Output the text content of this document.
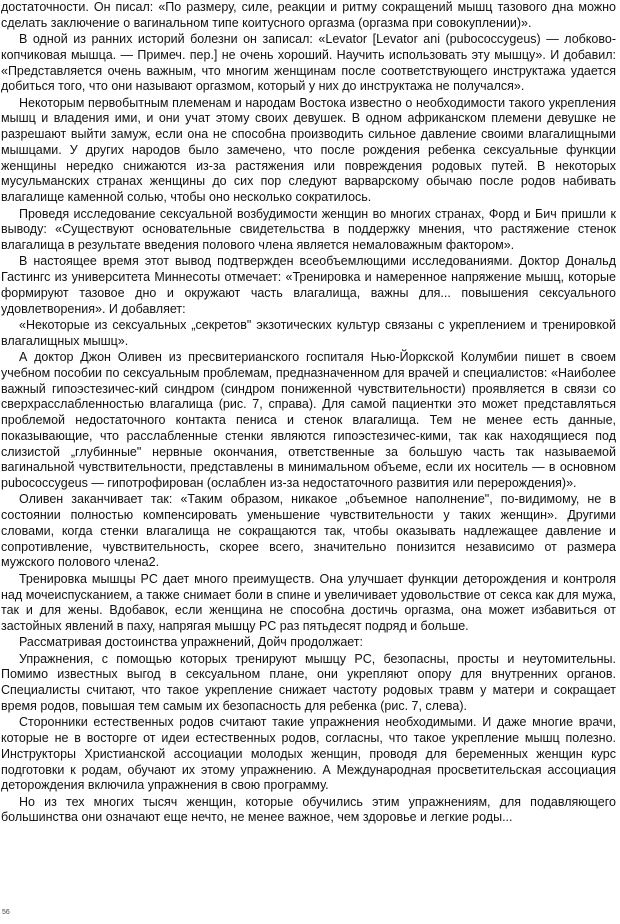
достаточности. Он писал: «По размеру, силе, реакции и ритму сокращений мышц тазового дна можно сделать заключение о вагинальном типе коитусного оргазма (оргазма при совокуплении)».

В одной из ранних историй болезни он записал: «Levator [Levator ani (pubococcygeus) — лобково-копчиковая мышца. — Примеч. пер.] не очень хороший. Научить использовать эту мышцу». И добавил: «Представляется очень важным, что многим женщинам после соответствующего инструктажа удается добиться того, что они называют оргазмом, который у них до инструктажа не получался».

Некоторым первобытным племенам и народам Востока известно о необходимости такого укрепления мышц и владения ими, и они учат этому своих девушек. В одном африканском племени девушке не разрешают выйти замуж, если она не способна производить сильное давление своими влагалищными мышцами. У других народов было замечено, что после рождения ребенка сексуальные функции женщины нередко снижаются из-за растяжения или повреждения родовых путей. В некоторых мусульманских странах женщины до сих пор следуют варварскому обычаю после родов набивать влагалище каменной солью, чтобы оно несколько сократилось.

Проведя исследование сексуальной возбудимости женщин во многих странах, Форд и Бич пришли к выводу: «Существуют основательные свидетельства в поддержку мнения, что растяжение стенок влагалища в результате введения полового члена является немаловажным фактором».

В настоящее время этот вывод подтвержден всеобъемлющими исследованиями. Доктор Дональд Гастингс из университета Миннесоты отмечает: «Тренировка и намеренное напряжение мышц, которые формируют тазовое дно и окружают часть влагалища, важны для... повышения сексуального удовлетворения». И добавляет:

«Некоторые из сексуальных „секретов" экзотических культур связаны с укреплением и тренировкой влагалищных мышц».

А доктор Джон Оливен из пресвитерианского госпиталя Нью-Йоркской Колумбии пишет в своем учебном пособии по сексуальным проблемам, предназначенном для врачей и специалистов: «Наиболее важный гипоэстезичес-кий синдром (синдром пониженной чувствительности) проявляется в связи со сверхрасслабленностью влагалища (рис. 7, справа). Для самой пациентки это может представляться проблемой недостаточного контакта пениса и стенок влагалища. Тем не менее есть данные, показывающие, что расслабленные стенки являются гипоэстезичес-кими, так как находящиеся под слизистой „глубинные" нервные окончания, ответственные за большую часть так называемой вагинальной чувствительности, представлены в минимальном объеме, если их носитель — в основном pubococcygeus — гипотрофирован (ослаблен из-за недостаточного развития или перерождения)».

Оливен заканчивает так: «Таким образом, никакое „объемное наполнение", по-видимому, не в состоянии полностью компенсировать уменьшение чувствительности у таких женщин». Другими словами, когда стенки влагалища не сокращаются так, чтобы оказывать надлежащее давление и сопротивление, чувствительность, скорее всего, значительно понизится независимо от размера мужского полового члена2.

Тренировка мышцы PC дает много преимуществ. Она улучшает функции деторождения и контроля над мочеиспусканием, а также снимает боли в спине и увеличивает удовольствие от секса как для мужа, так и для жены. Вдобавок, если женщина не способна достичь оргазма, она может избавиться от застойных явлений в паху, напрягая мышцу PC раз пятьдесят подряд и больше.

Рассматривая достоинства упражнений, Дойч продолжает:

Упражнения, с помощью которых тренируют мышцу PC, безопасны, просты и неутомительны. Помимо известных выгод в сексуальном плане, они укрепляют опору для внутренних органов. Специалисты считают, что такое укрепление снижает частоту родовых травм у матери и сокращает время родов, повышая тем самым их безопасность для ребенка (рис. 7, слева).

Сторонники естественных родов считают такие упражнения необходимыми. И даже многие врачи, которые не в восторге от идеи естественных родов, согласны, что такое укрепление мышц полезно. Инструкторы Христианской ассоциации молодых женщин, проводя для беременных женщин курс подготовки к родам, обучают их этому упражнению. А Международная просветительская ассоциация деторождения включила упражнения в свою программу.

Но из тех многих тысяч женщин, которые обучились этим упражнениям, для подавляющего большинства они означают еще нечто, не менее важное, чем здоровье и легкие роды...

56
